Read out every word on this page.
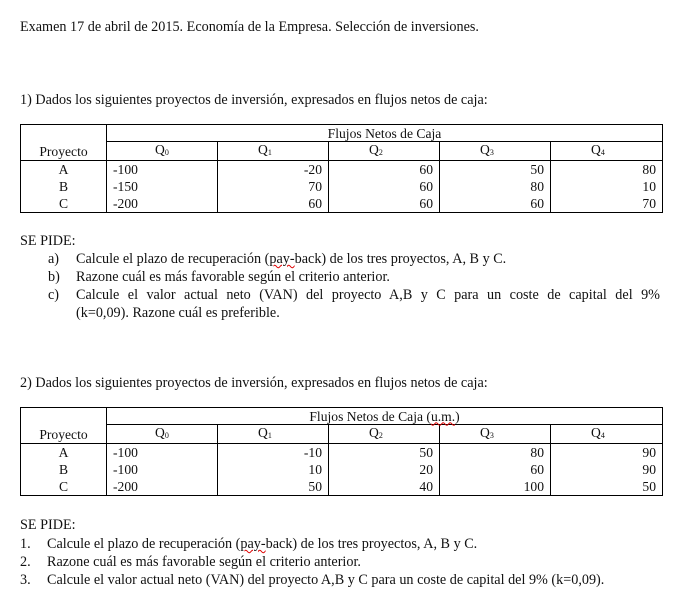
Examen 17 de abril de 2015. Economía de la Empresa. Selección de inversiones.
1) Dados los siguientes proyectos de inversión, expresados en flujos netos de caja:
Proyecto	Flujos Netos de Caja				
	$Q_0$	$Q_1$	$Q_2$	$Q_3$	$Q_4$
A	-100	-20	60	50	80
B	-150	70	60	80	10
C	-200	60	60	60	70
SE PIDE:
a) Calcule el plazo de recuperación (pay-back) de los tres proyectos, A, B y C.
b) Razone cuál es más favorable según el criterio anterior.
c) Calcule el valor actual neto (VAN) del proyecto A,B y C para un coste de capital del 9%
(k=0,09). Razone cuál es preferible.
2) Dados los siguientes proyectos de inversión, expresados en flujos netos de caja:
Proyecto	Flujos Netos de Caja (u.m.)				
	$Q_0$	$Q_1$	$Q_2$	$Q_3$	$Q_4$
A	-100	-10	50	80	90
B	-100	10	20	60	90
C	-200	50	40	100	50
SE PIDE:
1. Calcule el plazo de recuperación (pay-back) de los tres proyectos, A, B y C.
2. Razone cuál es más favorable según el criterio anterior.
3. Calcule el valor actual neto (VAN) del proyecto A,B y C para un coste de capital del 9% (k=0,09).
